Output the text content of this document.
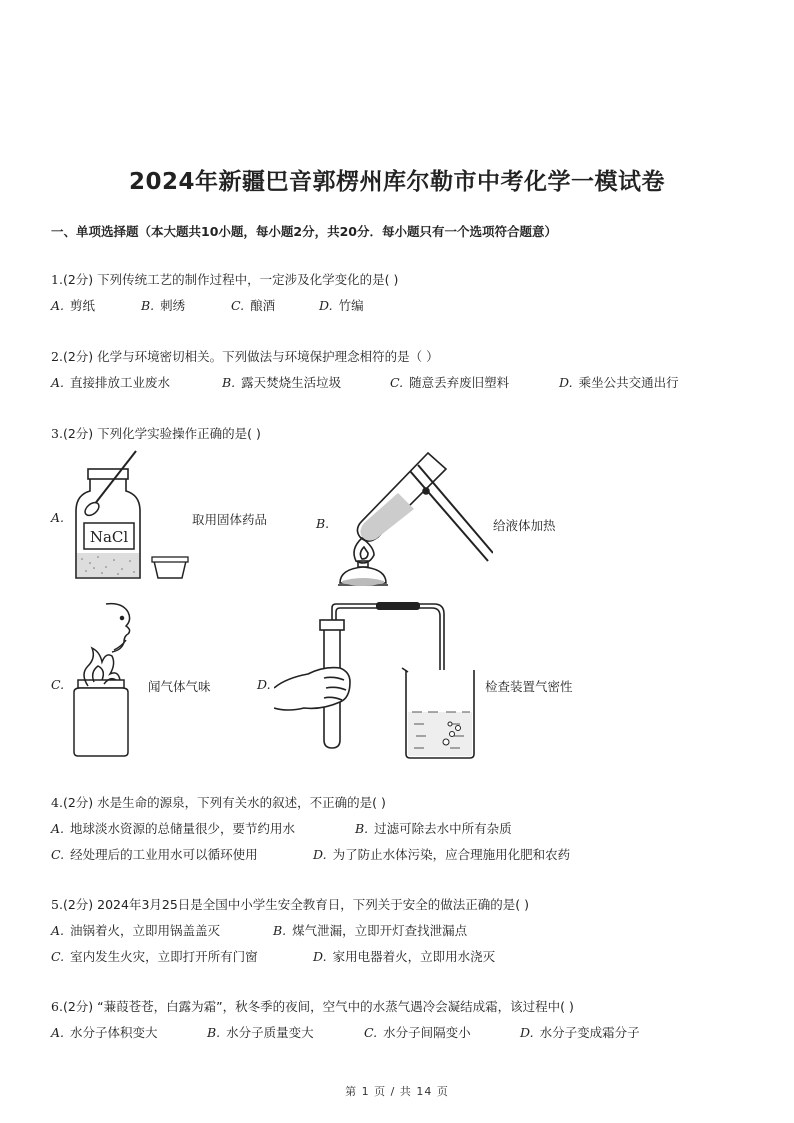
2024年新疆巴音郭楞州库尔勒市中考化学一模试卷
一、单项选择题（本大题共10小题，每小题2分，共20分．每小题只有一个选项符合题意）
1.(2分) 下列传统工艺的制作过程中，一定涉及化学变化的是( )
A. 剪纸	B. 刺绣	C. 酿酒	D. 竹编
2.(2分) 化学与环境密切相关。下列做法与环境保护理念相符的是（ ）
A. 直接排放工业废水	B. 露天焚烧生活垃圾	C. 随意丢弃废旧塑料	D. 乘坐公共交通出行
3.(2分) 下列化学实验操作正确的是( )
A.
NaCl
取用固体药品	B.	给液体加热
C.	闻气体气味	D.	检查装置气密性
4.(2分) 水是生命的源泉，下列有关水的叙述，不正确的是( )
A. 地球淡水资源的总储量很少，要节约用水	B. 过滤可除去水中所有杂质
C. 经处理后的工业用水可以循环使用	D. 为了防止水体污染，应合理施用化肥和农药
5.(2分) 2024年3月25日是全国中小学生安全教育日，下列关于安全的做法正确的是( )
A. 油锅着火，立即用锅盖盖灭	B. 煤气泄漏，立即开灯查找泄漏点
C. 室内发生火灾，立即打开所有门窗	D. 家用电器着火，立即用水浇灭
6.(2分) “蒹葭苍苍，白露为霜”，秋冬季的夜间，空气中的水蒸气遇冷会凝结成霜，该过程中( )
A. 水分子体积变大	B. 水分子质量变大	C. 水分子间隔变小	D. 水分子变成霜分子
第 1 页 / 共 14 页
